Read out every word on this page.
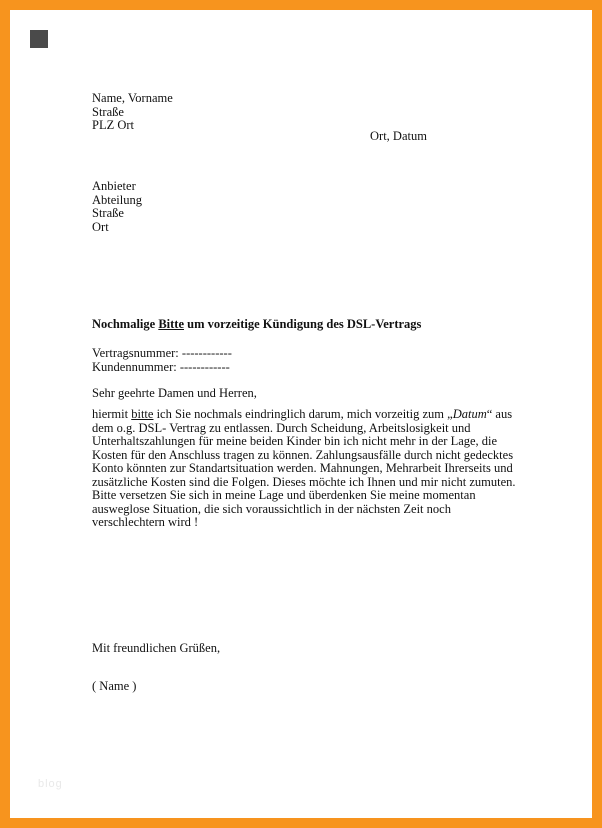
Name, Vorname
Straße
PLZ Ort
Ort, Datum
Anbieter
Abteilung
Straße
Ort
Nochmalige Bitte um vorzeitige Kündigung des DSL-Vertrags
Vertragsnummer: ------------
Kundennummer: ------------
Sehr geehrte Damen und Herren,
hiermit bitte ich Sie nochmals eindringlich darum, mich vorzeitig zum „Datum“ aus dem o.g. DSL- Vertrag zu entlassen. Durch Scheidung, Arbeitslosigkeit und Unterhaltszahlungen für meine beiden Kinder bin ich nicht mehr in der Lage, die Kosten für den Anschluss tragen zu können. Zahlungsausfälle durch nicht gedecktes Konto könnten zur Standartsituation werden. Mahnungen, Mehrarbeit Ihrerseits und zusätzliche Kosten sind die Folgen. Dieses möchte ich Ihnen und mir nicht zumuten. Bitte versetzen Sie sich in meine Lage und überdenken Sie meine momentan ausweglose Situation, die sich voraussichtlich in der nächsten Zeit noch verschlechtern wird !
Mit freundlichen Grüßen,
( Name )
blog
